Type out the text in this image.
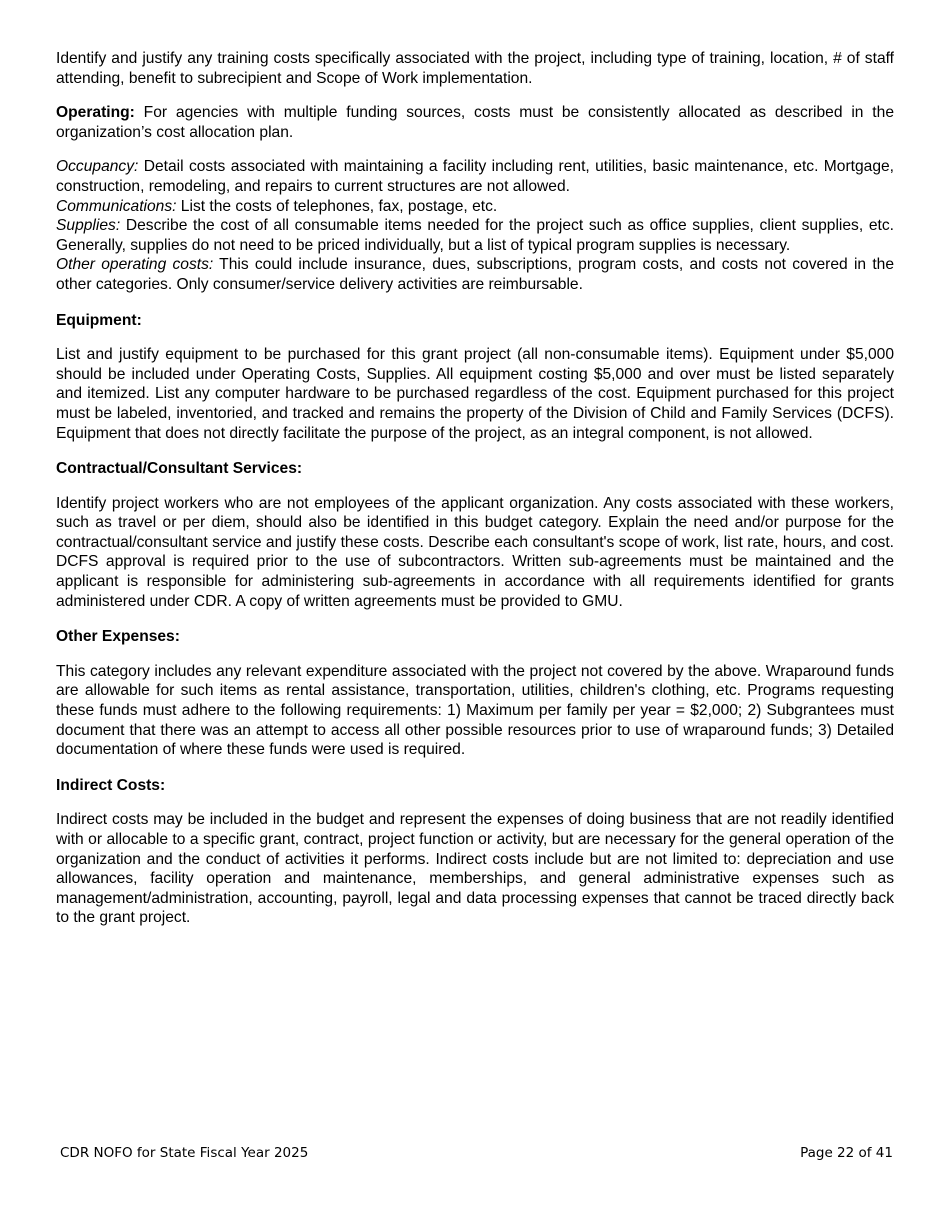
Identify and justify any training costs specifically associated with the project, including type of training, location, # of staff attending, benefit to subrecipient and Scope of Work implementation.

Operating: For agencies with multiple funding sources, costs must be consistently allocated as described in the organization’s cost allocation plan.

Occupancy: Detail costs associated with maintaining a facility including rent, utilities, basic maintenance, etc. Mortgage, construction, remodeling, and repairs to current structures are not allowed.

Communications: List the costs of telephones, fax, postage, etc.

Supplies: Describe the cost of all consumable items needed for the project such as office supplies, client supplies, etc. Generally, supplies do not need to be priced individually, but a list of typical program supplies is necessary.

Other operating costs: This could include insurance, dues, subscriptions, program costs, and costs not covered in the other categories. Only consumer/service delivery activities are reimbursable.

Equipment:

List and justify equipment to be purchased for this grant project (all non-consumable items). Equipment under $5,000 should be included under Operating Costs, Supplies. All equipment costing $5,000 and over must be listed separately and itemized. List any computer hardware to be purchased regardless of the cost. Equipment purchased for this project must be labeled, inventoried, and tracked and remains the property of the Division of Child and Family Services (DCFS). Equipment that does not directly facilitate the purpose of the project, as an integral component, is not allowed.

Contractual/Consultant Services:

Identify project workers who are not employees of the applicant organization. Any costs associated with these workers, such as travel or per diem, should also be identified in this budget category. Explain the need and/or purpose for the contractual/consultant service and justify these costs. Describe each consultant's scope of work, list rate, hours, and cost. DCFS approval is required prior to the use of subcontractors. Written sub-agreements must be maintained and the applicant is responsible for administering sub-agreements in accordance with all requirements identified for grants administered under CDR. A copy of written agreements must be provided to GMU.

Other Expenses:

This category includes any relevant expenditure associated with the project not covered by the above. Wraparound funds are allowable for such items as rental assistance, transportation, utilities, children's clothing, etc. Programs requesting these funds must adhere to the following requirements: 1) Maximum per family per year = $2,000; 2) Subgrantees must document that there was an attempt to access all other possible resources prior to use of wraparound funds; 3) Detailed documentation of where these funds were used is required.

Indirect Costs:

Indirect costs may be included in the budget and represent the expenses of doing business that are not readily identified with or allocable to a specific grant, contract, project function or activity, but are necessary for the general operation of the organization and the conduct of activities it performs. Indirect costs include but are not limited to: depreciation and use allowances, facility operation and maintenance, memberships, and general administrative expenses such as management/administration, accounting, payroll, legal and data processing expenses that cannot be traced directly back to the grant project.

CDR NOFO for State Fiscal Year 2025	Page 22 of 41
